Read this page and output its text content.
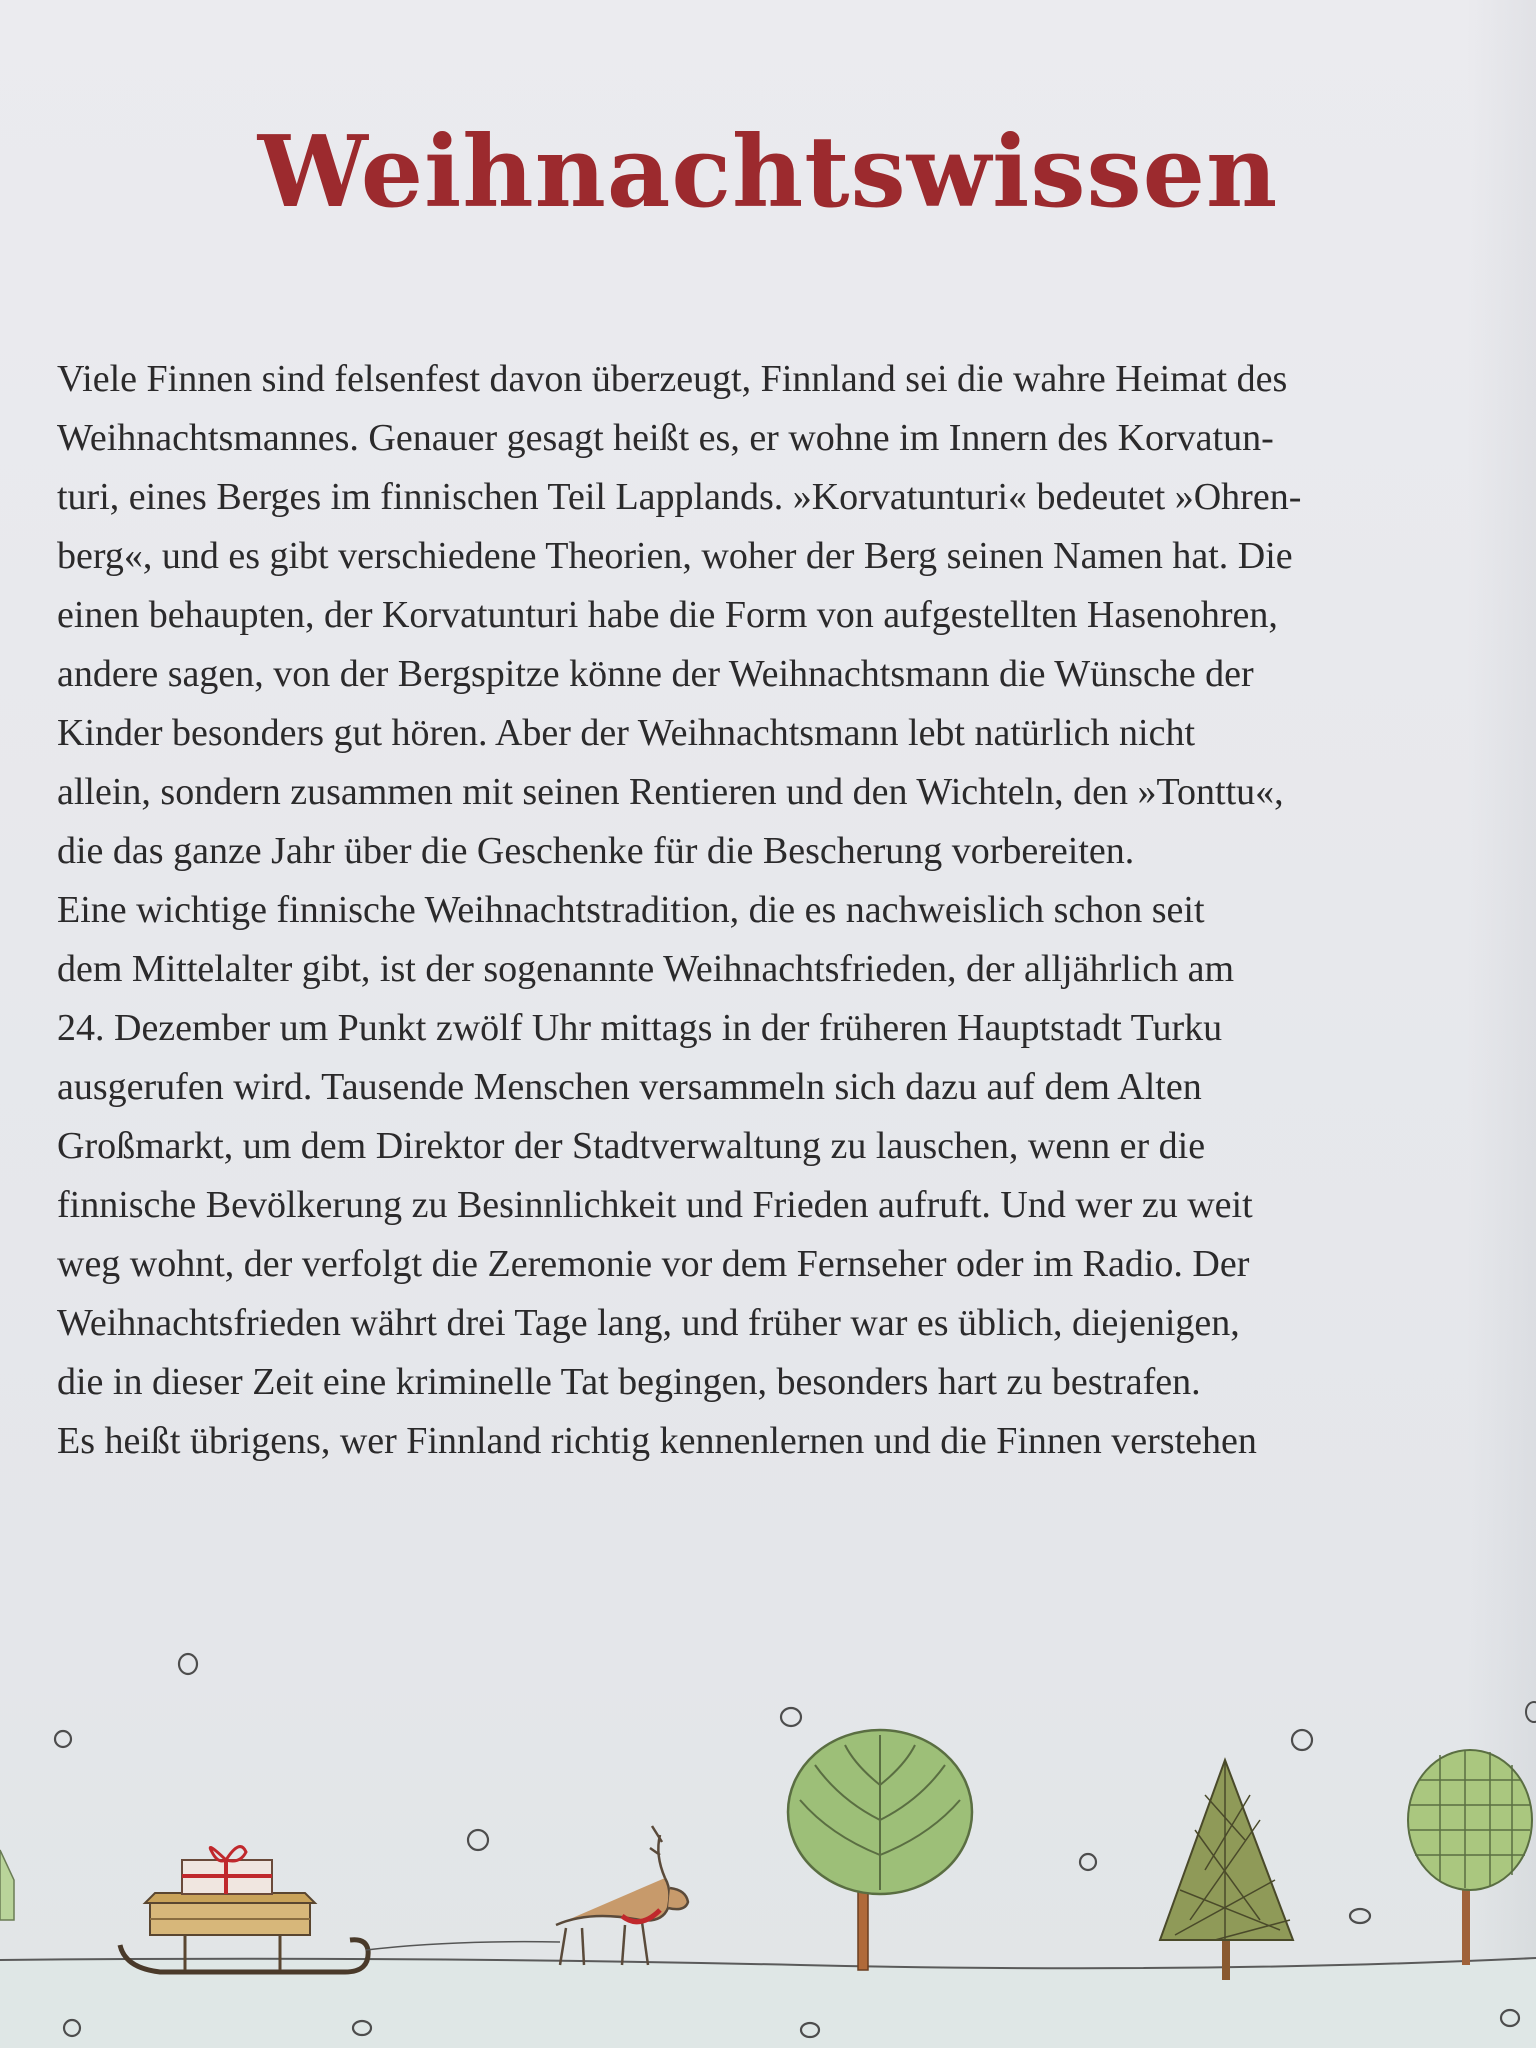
Weihnachtswissen
Viele Finnen sind felsenfest davon überzeugt, Finnland sei die wahre Heimat des
Weihnachtsmannes. Genauer gesagt heißt es, er wohne im Innern des Korvatun-
turi, eines Berges im finnischen Teil Lapplands. »Korvatunturi« bedeutet »Ohren-
berg«, und es gibt verschiedene Theorien, woher der Berg seinen Namen hat. Die
einen behaupten, der Korvatunturi habe die Form von aufgestellten Hasenohren,
andere sagen, von der Bergspitze könne der Weihnachtsmann die Wünsche der
Kinder besonders gut hören. Aber der Weihnachtsmann lebt natürlich nicht
allein, sondern zusammen mit seinen Rentieren und den Wichteln, den »Tonttu«,
die das ganze Jahr über die Geschenke für die Bescherung vorbereiten.
Eine wichtige finnische Weihnachtstradition, die es nachweislich schon seit
dem Mittelalter gibt, ist der sogenannte Weihnachtsfrieden, der alljährlich am
24. Dezember um Punkt zwölf Uhr mittags in der früheren Hauptstadt Turku
ausgerufen wird. Tausende Menschen versammeln sich dazu auf dem Alten
Großmarkt, um dem Direktor der Stadtverwaltung zu lauschen, wenn er die
finnische Bevölkerung zu Besinnlichkeit und Frieden aufruft. Und wer zu weit
weg wohnt, der verfolgt die Zeremonie vor dem Fernseher oder im Radio. Der
Weihnachtsfrieden währt drei Tage lang, und früher war es üblich, diejenigen,
die in dieser Zeit eine kriminelle Tat begingen, besonders hart zu bestrafen.
Es heißt übrigens, wer Finnland richtig kennenlernen und die Finnen verstehen
